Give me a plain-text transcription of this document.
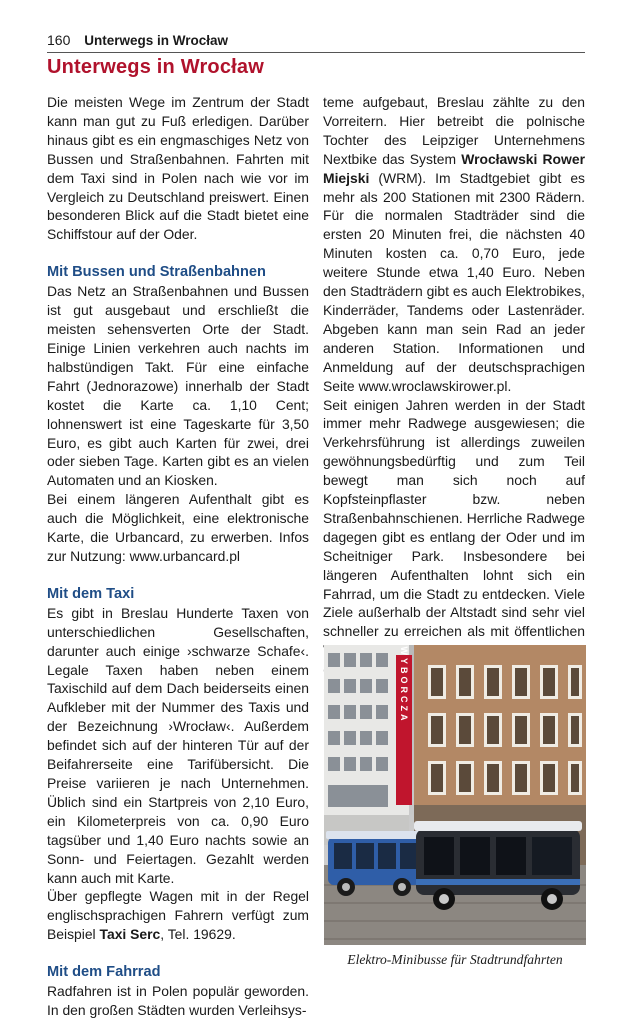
160 Unterwegs in Wrocław
Unterwegs in Wrocław

Die meisten Wege im Zentrum der Stadt kann man gut zu Fuß erledigen. Darüber hinaus gibt es ein engmaschiges Netz von Bussen und Straßenbahnen. Fahrten mit dem Taxi sind in Polen nach wie vor im Vergleich zu Deutschland preiswert. Einen besonderen Blick auf die Stadt bietet eine Schiffstour auf der Oder.

Mit Bussen und Straßenbahnen

Das Netz an Straßenbahnen und Bussen ist gut ausgebaut und erschließt die meisten sehensverten Orte der Stadt. Einige Linien verkehren auch nachts im halbstündigen Takt. Für eine einfache Fahrt (Jednorazowe) innerhalb der Stadt kostet die Karte ca. 1,10 Cent; lohnenswert ist eine Tageskarte für 3,50 Euro, es gibt auch Karten für zwei, drei oder sieben Tage. Karten gibt es an vielen Automaten und an Kiosken.

Bei einem längeren Aufenthalt gibt es auch die Möglichkeit, eine elektronische Karte, die Urbancard, zu erwerben. Infos zur Nutzung: www.urbancard.pl

Mit dem Taxi

Es gibt in Breslau Hunderte Taxen von unterschiedlichen Gesellschaften, darunter auch einige ›schwarze Schafe‹. Legale Taxen haben neben einem Taxischild auf dem Dach beiderseits einen Aufkleber mit der Nummer des Taxis und der Bezeichnung ›Wrocław‹. Außerdem befindet sich auf der hinteren Tür auf der Beifahrerseite eine Tarifübersicht. Die Preise variieren je nach Unternehmen. Üblich sind ein Startpreis von 2,10 Euro, ein Kilometerpreis von ca. 0,90 Euro tagsüber und 1,40 Euro nachts sowie an Sonn- und Feiertagen. Gezahlt werden kann auch mit Karte.

Über gepflegte Wagen mit in der Regel englischsprachigen Fahrern verfügt zum Beispiel Taxi Serc, Tel. 19629.

Mit dem Fahrrad

Radfahren ist in Polen populär geworden. In den großen Städten wurden Verleihsys-

teme aufgebaut, Breslau zählte zu den Vorreitern. Hier betreibt die polnische Tochter des Leipziger Unternehmens Nextbike das System Wrocławski Rower Miejski (WRM). Im Stadtgebiet gibt es mehr als 200 Stationen mit 2300 Rädern. Für die normalen Stadträder sind die ersten 20 Minuten frei, die nächsten 40 Minuten kosten ca. 0,70 Euro, jede weitere Stunde etwa 1,40 Euro. Neben den Stadträdern gibt es auch Elektrobikes, Kinderräder, Tandems oder Lastenräder. Abgeben kann man sein Rad an jeder anderen Station. Informationen und Anmeldung auf der deutschsprachigen Seite www.wroclawskirower.pl.

Seit einigen Jahren werden in der Stadt immer mehr Radwege ausgewiesen; die Verkehrsführung ist allerdings zuweilen gewöhnungsbedürftig und zum Teil bewegt man sich noch auf Kopfsteinpflaster bzw. neben Straßenbahnschienen. Herrliche Radwege dagegen gibt es entlang der Oder und im Scheitniger Park. Insbesondere bei längeren Aufenthalten lohnt sich ein Fahrrad, um die Stadt zu entdecken. Viele Ziele außerhalb der Altstadt sind sehr viel schneller zu erreichen als mit öffentlichen

WYBORCZA
Elektro-Minibusse für Stadtrundfahrten
